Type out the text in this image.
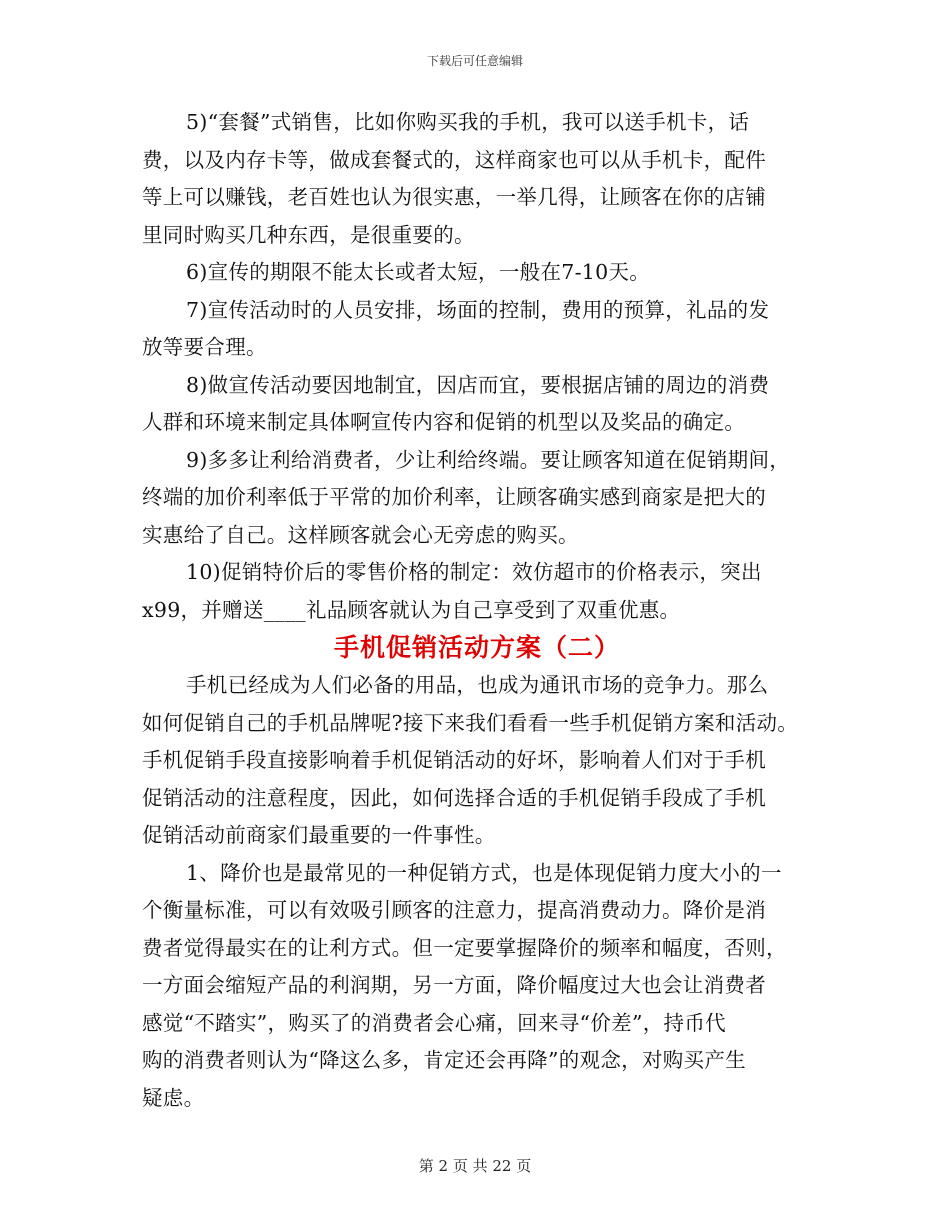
下载后可任意编辑

5)“套餐”式销售，比如你购买我的手机，我可以送手机卡，话
费，以及内存卡等，做成套餐式的，这样商家也可以从手机卡，配件
等上可以赚钱，老百姓也认为很实惠，一举几得，让顾客在你的店铺
里同时购买几种东西，是很重要的。

6)宣传的期限不能太长或者太短，一般在7-10天。

7)宣传活动时的人员安排，场面的控制，费用的预算，礼品的发
放等要合理。

8)做宣传活动要因地制宜，因店而宜，要根据店铺的周边的消费
人群和环境来制定具体啊宣传内容和促销的机型以及奖品的确定。

9)多多让利给消费者，少让利给终端。要让顾客知道在促销期间，
终端的加价利率低于平常的加价利率，让顾客确实感到商家是把大的
实惠给了自己。这样顾客就会心无旁虑的购买。

10)促销特价后的零售价格的制定：效仿超市的价格表示，突出
x99，并赠送____礼品顾客就认为自己享受到了双重优惠。

手机促销活动方案（二）

手机已经成为人们必备的用品，也成为通讯市场的竞争力。那么
如何促销自己的手机品牌呢?接下来我们看看一些手机促销方案和活动。
手机促销手段直接影响着手机促销活动的好坏，影响着人们对于手机
促销活动的注意程度，因此，如何选择合适的手机促销手段成了手机
促销活动前商家们最重要的一件事性。

1、降价也是最常见的一种促销方式，也是体现促销力度大小的一
个衡量标准，可以有效吸引顾客的注意力，提高消费动力。降价是消
费者觉得最实在的让利方式。但一定要掌握降价的频率和幅度，否则，
一方面会缩短产品的利润期，另一方面，降价幅度过大也会让消费者
感觉“不踏实”，购买了的消费者会心痛，回来寻“价差”，持币代
购的消费者则认为“降这么多，肯定还会再降”的观念，对购买产生
疑虑。

第 2 页 共 22 页
